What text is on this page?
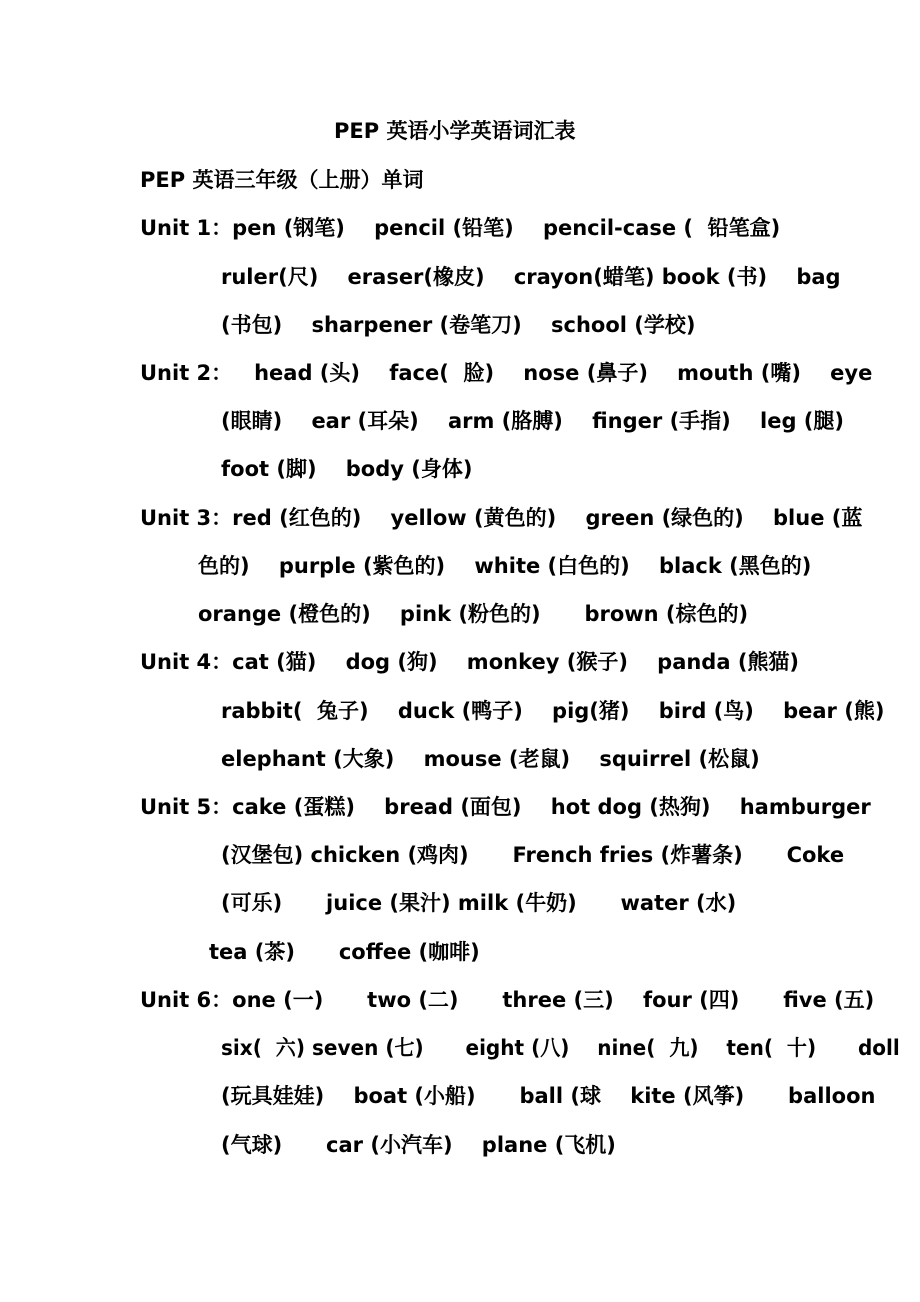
PEP 英语小学英语词汇表
PEP 英语三年级（上册）单词
Unit 1：pen (钢笔)    pencil (铅笔)    pencil-case (  铅笔盒)
ruler(尺)    eraser(橡皮)    crayon(蜡笔) book (书)    bag
(书包)    sharpener (卷笔刀)    school (学校)
Unit 2：   head (头)    face(  脸)    nose (鼻子)    mouth (嘴)    eye
(眼睛)    ear (耳朵)    arm (胳膊)    finger (手指)    leg (腿)
foot (脚)    body (身体)
Unit 3：red (红色的)    yellow (黄色的)    green (绿色的)    blue (蓝
色的)    purple (紫色的)    white (白色的)    black (黑色的)
orange (橙色的)    pink (粉色的)      brown (棕色的)
Unit 4：cat (猫)    dog (狗)    monkey (猴子)    panda (熊猫)
rabbit(  兔子)    duck (鸭子)    pig(猪)    bird (鸟)    bear (熊)
elephant (大象)    mouse (老鼠)    squirrel (松鼠)
Unit 5：cake (蛋糕)    bread (面包)    hot dog (热狗)    hamburger
(汉堡包) chicken (鸡肉)      French fries (炸薯条)      Coke
(可乐)      juice (果汁) milk (牛奶)      water (水)
tea (茶)      coffee (咖啡)
Unit 6：one (一)      two (二)      three (三)    four (四)      five (五)
six(  六) seven (七)      eight (八)    nine(  九)    ten(  十)      doll
(玩具娃娃)    boat (小船)      ball (球    kite (风筝)      balloon
(气球)      car (小汽车)    plane (飞机)
